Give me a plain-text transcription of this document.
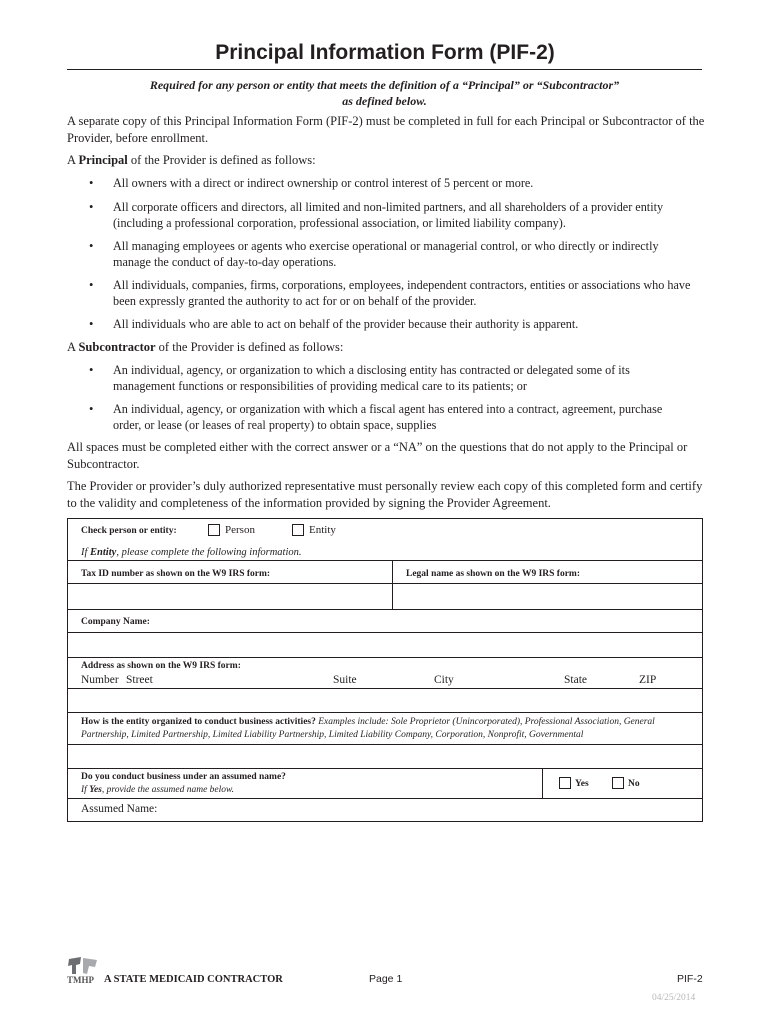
Principal Information Form (PIF-2)
Required for any person or entity that meets the definition of a “Principal” or “Subcontractor”
as defined below.
A separate copy of this Principal Information Form (PIF-2) must be completed in full for each Principal or Subcontractor of the
Provider, before enrollment.
A Principal of the Provider is defined as follows:
• All owners with a direct or indirect ownership or control interest of 5 percent or more.
• All corporate officers and directors, all limited and non-limited partners, and all shareholders of a provider entity
(including a professional corporation, professional association, or limited liability company).
• All managing employees or agents who exercise operational or managerial control, or who directly or indirectly
manage the conduct of day-to-day operations.
• All individuals, companies, firms, corporations, employees, independent contractors, entities or associations who have
been expressly granted the authority to act for or on behalf of the provider.
• All individuals who are able to act on behalf of the provider because their authority is apparent.
A Subcontractor of the Provider is defined as follows:
• An individual, agency, or organization to which a disclosing entity has contracted or delegated some of its
management functions or responsibilities of providing medical care to its patients; or
• An individual, agency, or organization with which a fiscal agent has entered into a contract, agreement, purchase
order, or lease (or leases of real property) to obtain space, supplies
All spaces must be completed either with the correct answer or a “NA” on the questions that do not apply to the Principal or
Subcontractor.
The Provider or provider’s duly authorized representative must personally review each copy of this completed form and certify
to the validity and completeness of the information provided by signing the Provider Agreement.
Check person or entity:	Person	Entity
If Entity, please complete the following information.
Tax ID number as shown on the W9 IRS form:	Legal name as shown on the W9 IRS form:
Company Name:
Address as shown on the W9 IRS form:
Number Street	Suite	City	State	ZIP
How is the entity organized to conduct business activities? Examples include: Sole Proprietor (Unincorporated), Professional Association, General
Partnership, Limited Partnership, Limited Liability Partnership, Limited Liability Company, Corporation, Nonprofit, Governmental
Do you conduct business under an assumed name?
If Yes, provide the assumed name below.
Yes	No
Assumed Name:
TMHP A STATE MEDICAID CONTRACTOR	Page 1	PIF-2
04/25/2014
